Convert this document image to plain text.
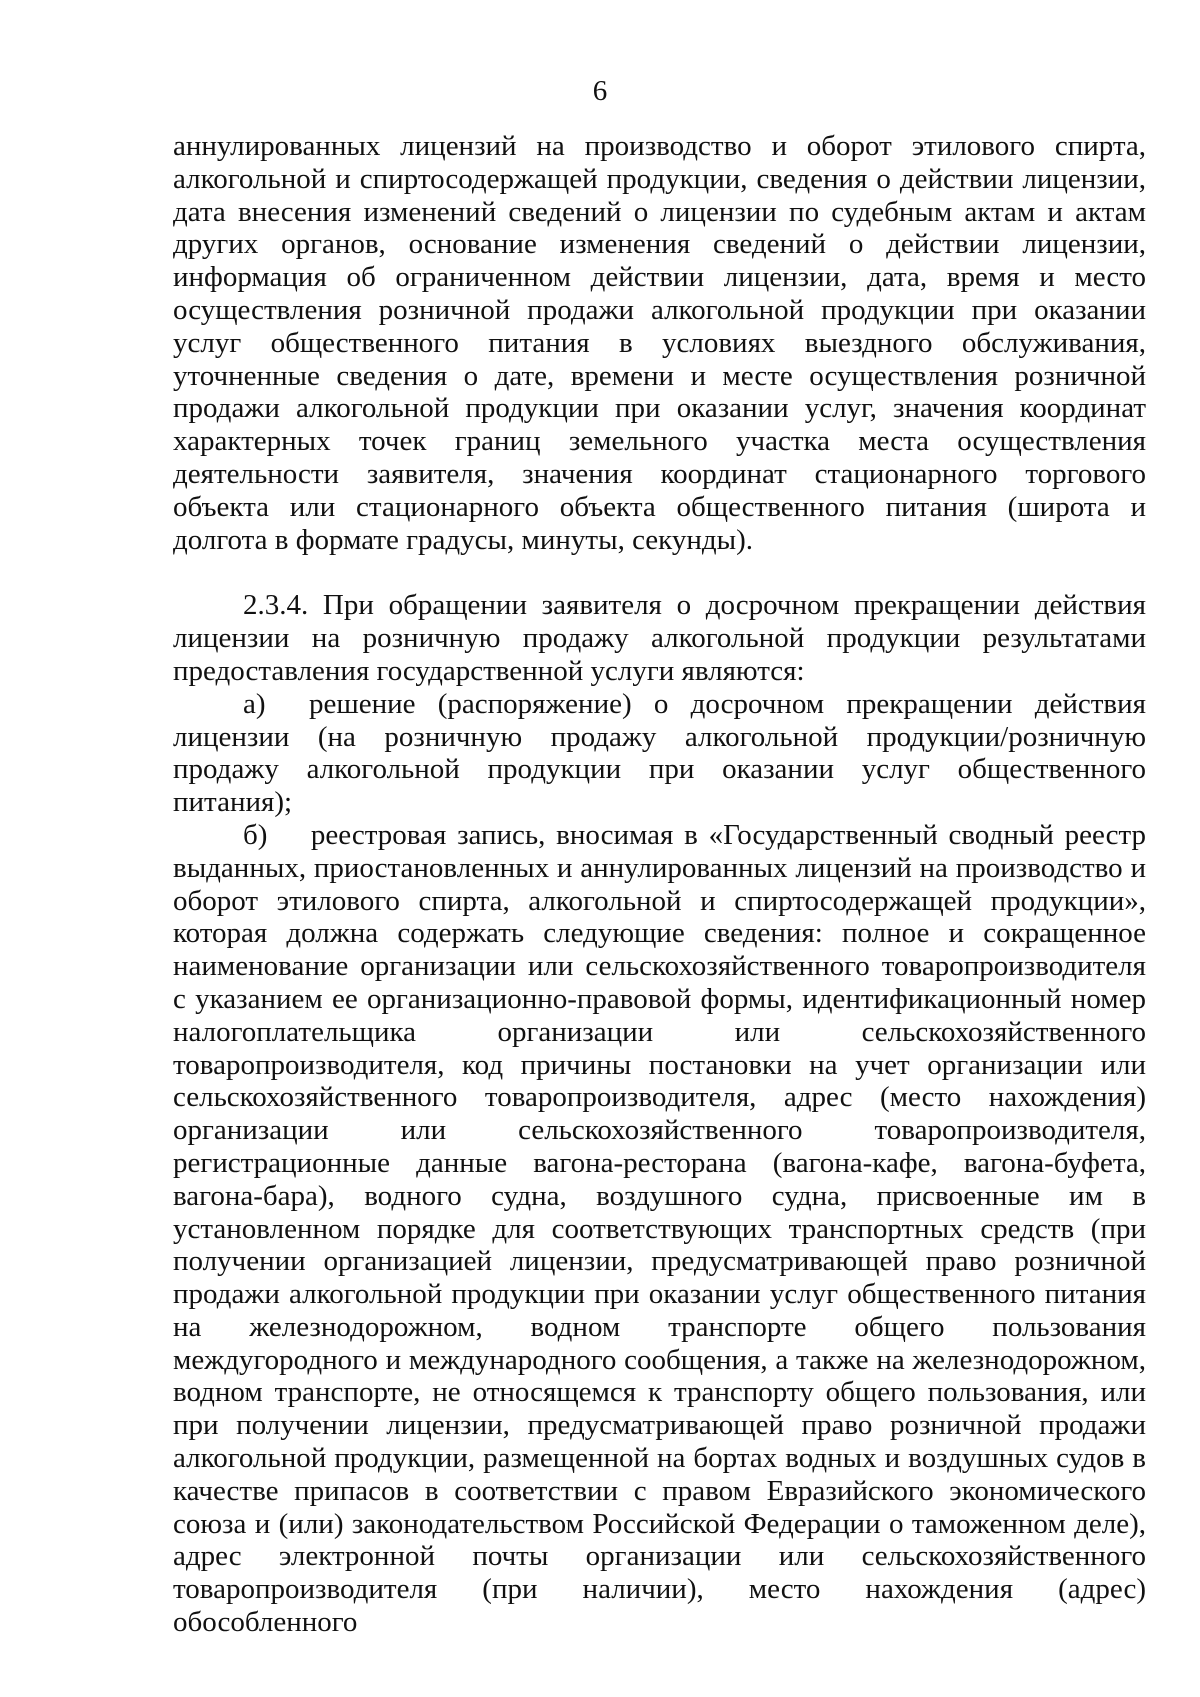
6

аннулированных лицензий на производство и оборот этилового спирта, алкогольной и спиртосодержащей продукции, сведения о действии лицензии, дата внесения изменений сведений о лицензии по судебным актам и актам других органов, основание изменения сведений о действии лицензии, информация об ограниченном действии лицензии, дата, время и место осуществления розничной продажи алкогольной продукции при оказании услуг общественного питания в условиях выездного обслуживания, уточненные сведения о дате, времени и месте осуществления розничной продажи алкогольной продукции при оказании услуг, значения координат характерных точек границ земельного участка места осуществления деятельности заявителя, значения координат стационарного торгового объекта или стационарного объекта общественного питания (широта и долгота в формате градусы, минуты, секунды).

2.3.4. При обращении заявителя о досрочном прекращении действия лицензии на розничную продажу алкогольной продукции результатами предоставления государственной услуги являются:

а)  решение (распоряжение) о досрочном прекращении действия лицензии (на розничную продажу алкогольной продукции/розничную продажу алкогольной продукции при оказании услуг общественного питания);

б)  реестровая запись, вносимая в «Государственный сводный реестр выданных, приостановленных и аннулированных лицензий на производство и оборот этилового спирта, алкогольной и спиртосодержащей продукции», которая должна содержать следующие сведения: полное и сокращенное наименование организации или сельскохозяйственного товаропроизводителя с указанием ее организационно-правовой формы, идентификационный номер налогоплательщика организации или сельскохозяйственного товаропроизводителя, код причины постановки на учет организации или сельскохозяйственного товаропроизводителя, адрес (место нахождения) организации или сельскохозяйственного товаропроизводителя, регистрационные данные вагона-ресторана (вагона-кафе, вагона-буфета, вагона-бара), водного судна, воздушного судна, присвоенные им в установленном порядке для соответствующих транспортных средств (при получении организацией лицензии, предусматривающей право розничной продажи алкогольной продукции при оказании услуг общественного питания на железнодорожном, водном транспорте общего пользования междугородного и международного сообщения, а также на железнодорожном, водном транспорте, не относящемся к транспорту общего пользования, или при получении лицензии, предусматривающей право розничной продажи алкогольной продукции, размещенной на бортах водных и воздушных судов в качестве припасов в соответствии с правом Евразийского экономического союза и (или) законодательством Российской Федерации о таможенном деле), адрес электронной почты организации или сельскохозяйственного товаропроизводителя (при наличии), место нахождения (адрес) обособленного
